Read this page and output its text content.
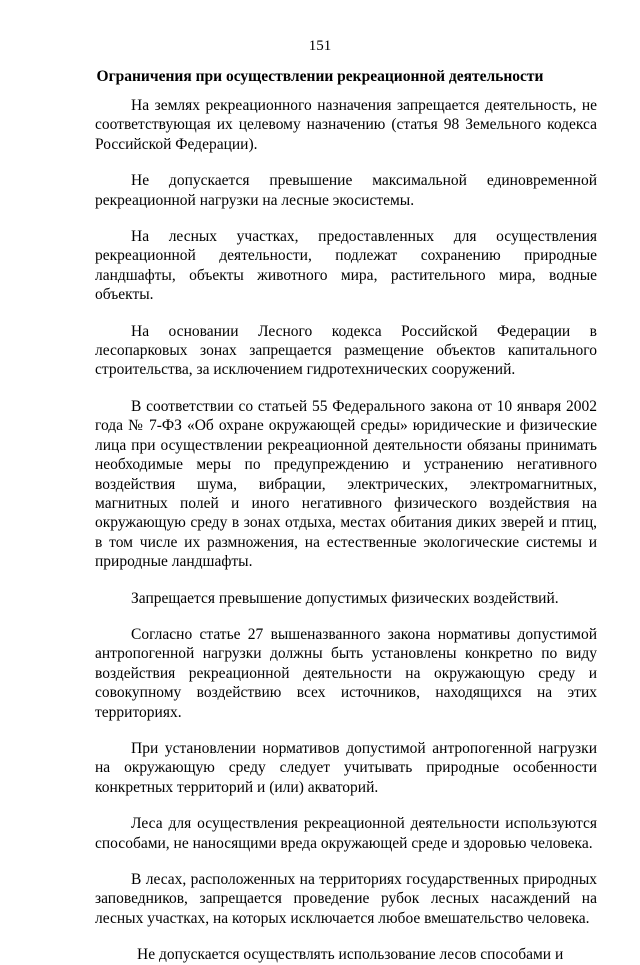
151
Ограничения при осуществлении рекреационной деятельности

На землях рекреационного назначения запрещается деятельность, не соответствующая их целевому назначению (статья 98 Земельного кодекса Российской Федерации).

Не допускается превышение максимальной единовременной рекреационной нагрузки на лесные экосистемы.

На лесных участках, предоставленных для осуществления рекреационной деятельности, подлежат сохранению природные ландшафты, объекты животного мира, растительного мира, водные объекты.

На основании Лесного кодекса Российской Федерации в лесопарковых зонах запрещается размещение объектов капитального строительства, за исключением гидротехнических сооружений.

В соответствии со статьей 55 Федерального закона от 10 января 2002 года № 7-ФЗ «Об охране окружающей среды» юридические и физические лица при осуществлении рекреационной деятельности обязаны принимать необходимые меры по предупреждению и устранению негативного воздействия шума, вибрации, электрических, электромагнитных, магнитных полей и иного негативного физического воздействия на окружающую среду в зонах отдыха, местах обитания диких зверей и птиц, в том числе их размножения, на естественные экологические системы и природные ландшафты.

Запрещается превышение допустимых физических воздействий.

Согласно статье 27 вышеназванного закона нормативы допустимой антропогенной нагрузки должны быть установлены конкретно по виду воздействия рекреационной деятельности на окружающую среду и совокупному воздействию всех источников, находящихся на этих территориях.

При установлении нормативов допустимой антропогенной нагрузки на окружающую среду следует учитывать природные особенности конкретных территорий и (или) акваторий.

Леса для осуществления рекреационной деятельности используются способами, не наносящими вреда окружающей среде и здоровью человека.

В лесах, расположенных на территориях государственных природных заповедников, запрещается проведение рубок лесных насаждений на лесных участках, на которых исключается любое вмешательство человека.

Не допускается осуществлять использование лесов способами и
